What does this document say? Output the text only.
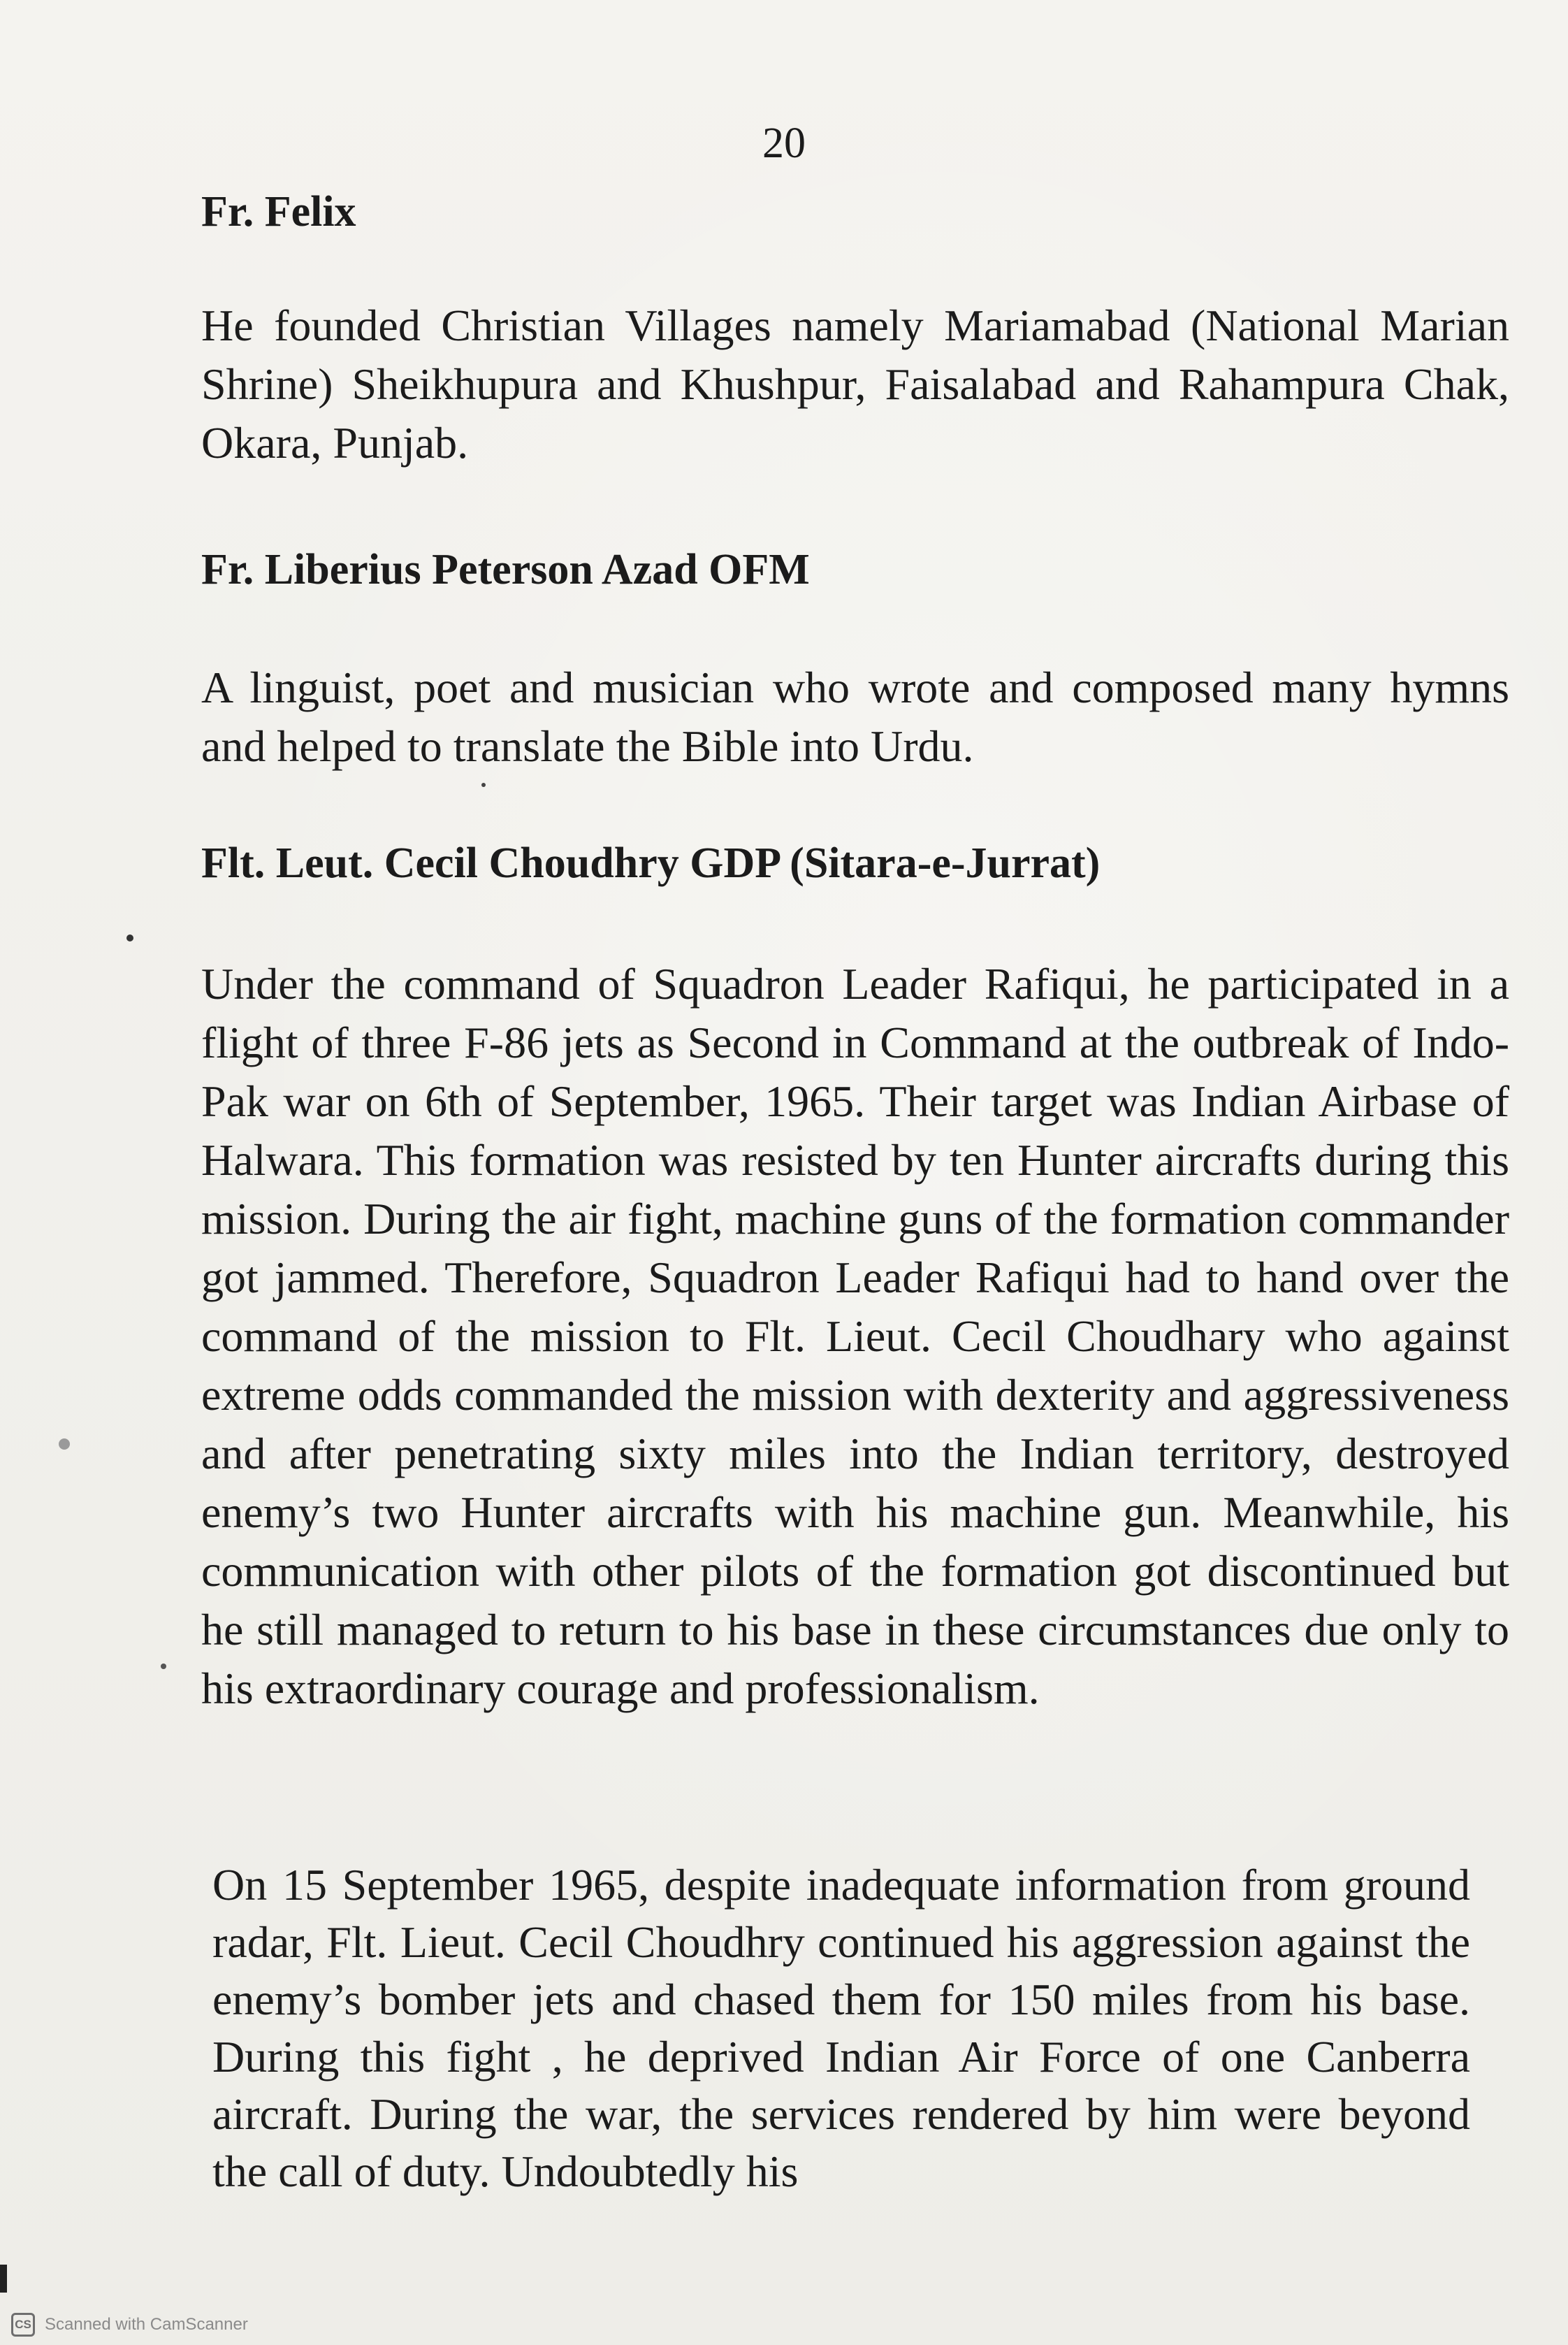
20
Fr. Felix
He founded Christian Villages namely Mariamabad (National Marian Shrine) Sheikhupura and Khushpur, Faisalabad and Rahampura Chak, Okara, Punjab.
Fr. Liberius Peterson Azad OFM
A linguist, poet and musician who wrote and composed many hymns and helped to translate the Bible into Urdu.
Flt. Leut. Cecil Choudhry GDP (Sitara-e-Jurrat)
Under the command of Squadron Leader Rafiqui, he participated in a flight of three F-86 jets as Second in Command at the outbreak of Indo-Pak war on 6th of September, 1965. Their target was Indian Airbase of Halwara. This formation was resisted by ten Hunter aircrafts during this mission. During the air fight, machine guns of the formation commander got jammed. Therefore, Squadron Leader Rafiqui had to hand over the command of the mission to Flt. Lieut. Cecil Choudhary who against extreme odds commanded the mission with dexterity and aggressiveness and after penetrating sixty miles into the Indian territory, destroyed enemy’s two Hunter aircrafts with his machine gun. Meanwhile, his communication with other pilots of the formation got discontinued but he still managed to return to his base in these circumstances due only to his extraordinary courage and professionalism.
On 15 September 1965, despite inadequate information from ground radar, Flt. Lieut. Cecil Choudhry continued his aggression against the enemy’s bomber jets and chased them for 150 miles from his base. During this fight , he deprived Indian Air Force of one Canberra aircraft. During the war, the services rendered by him were beyond the call of duty. Undoubtedly his
CS Scanned with CamScanner
